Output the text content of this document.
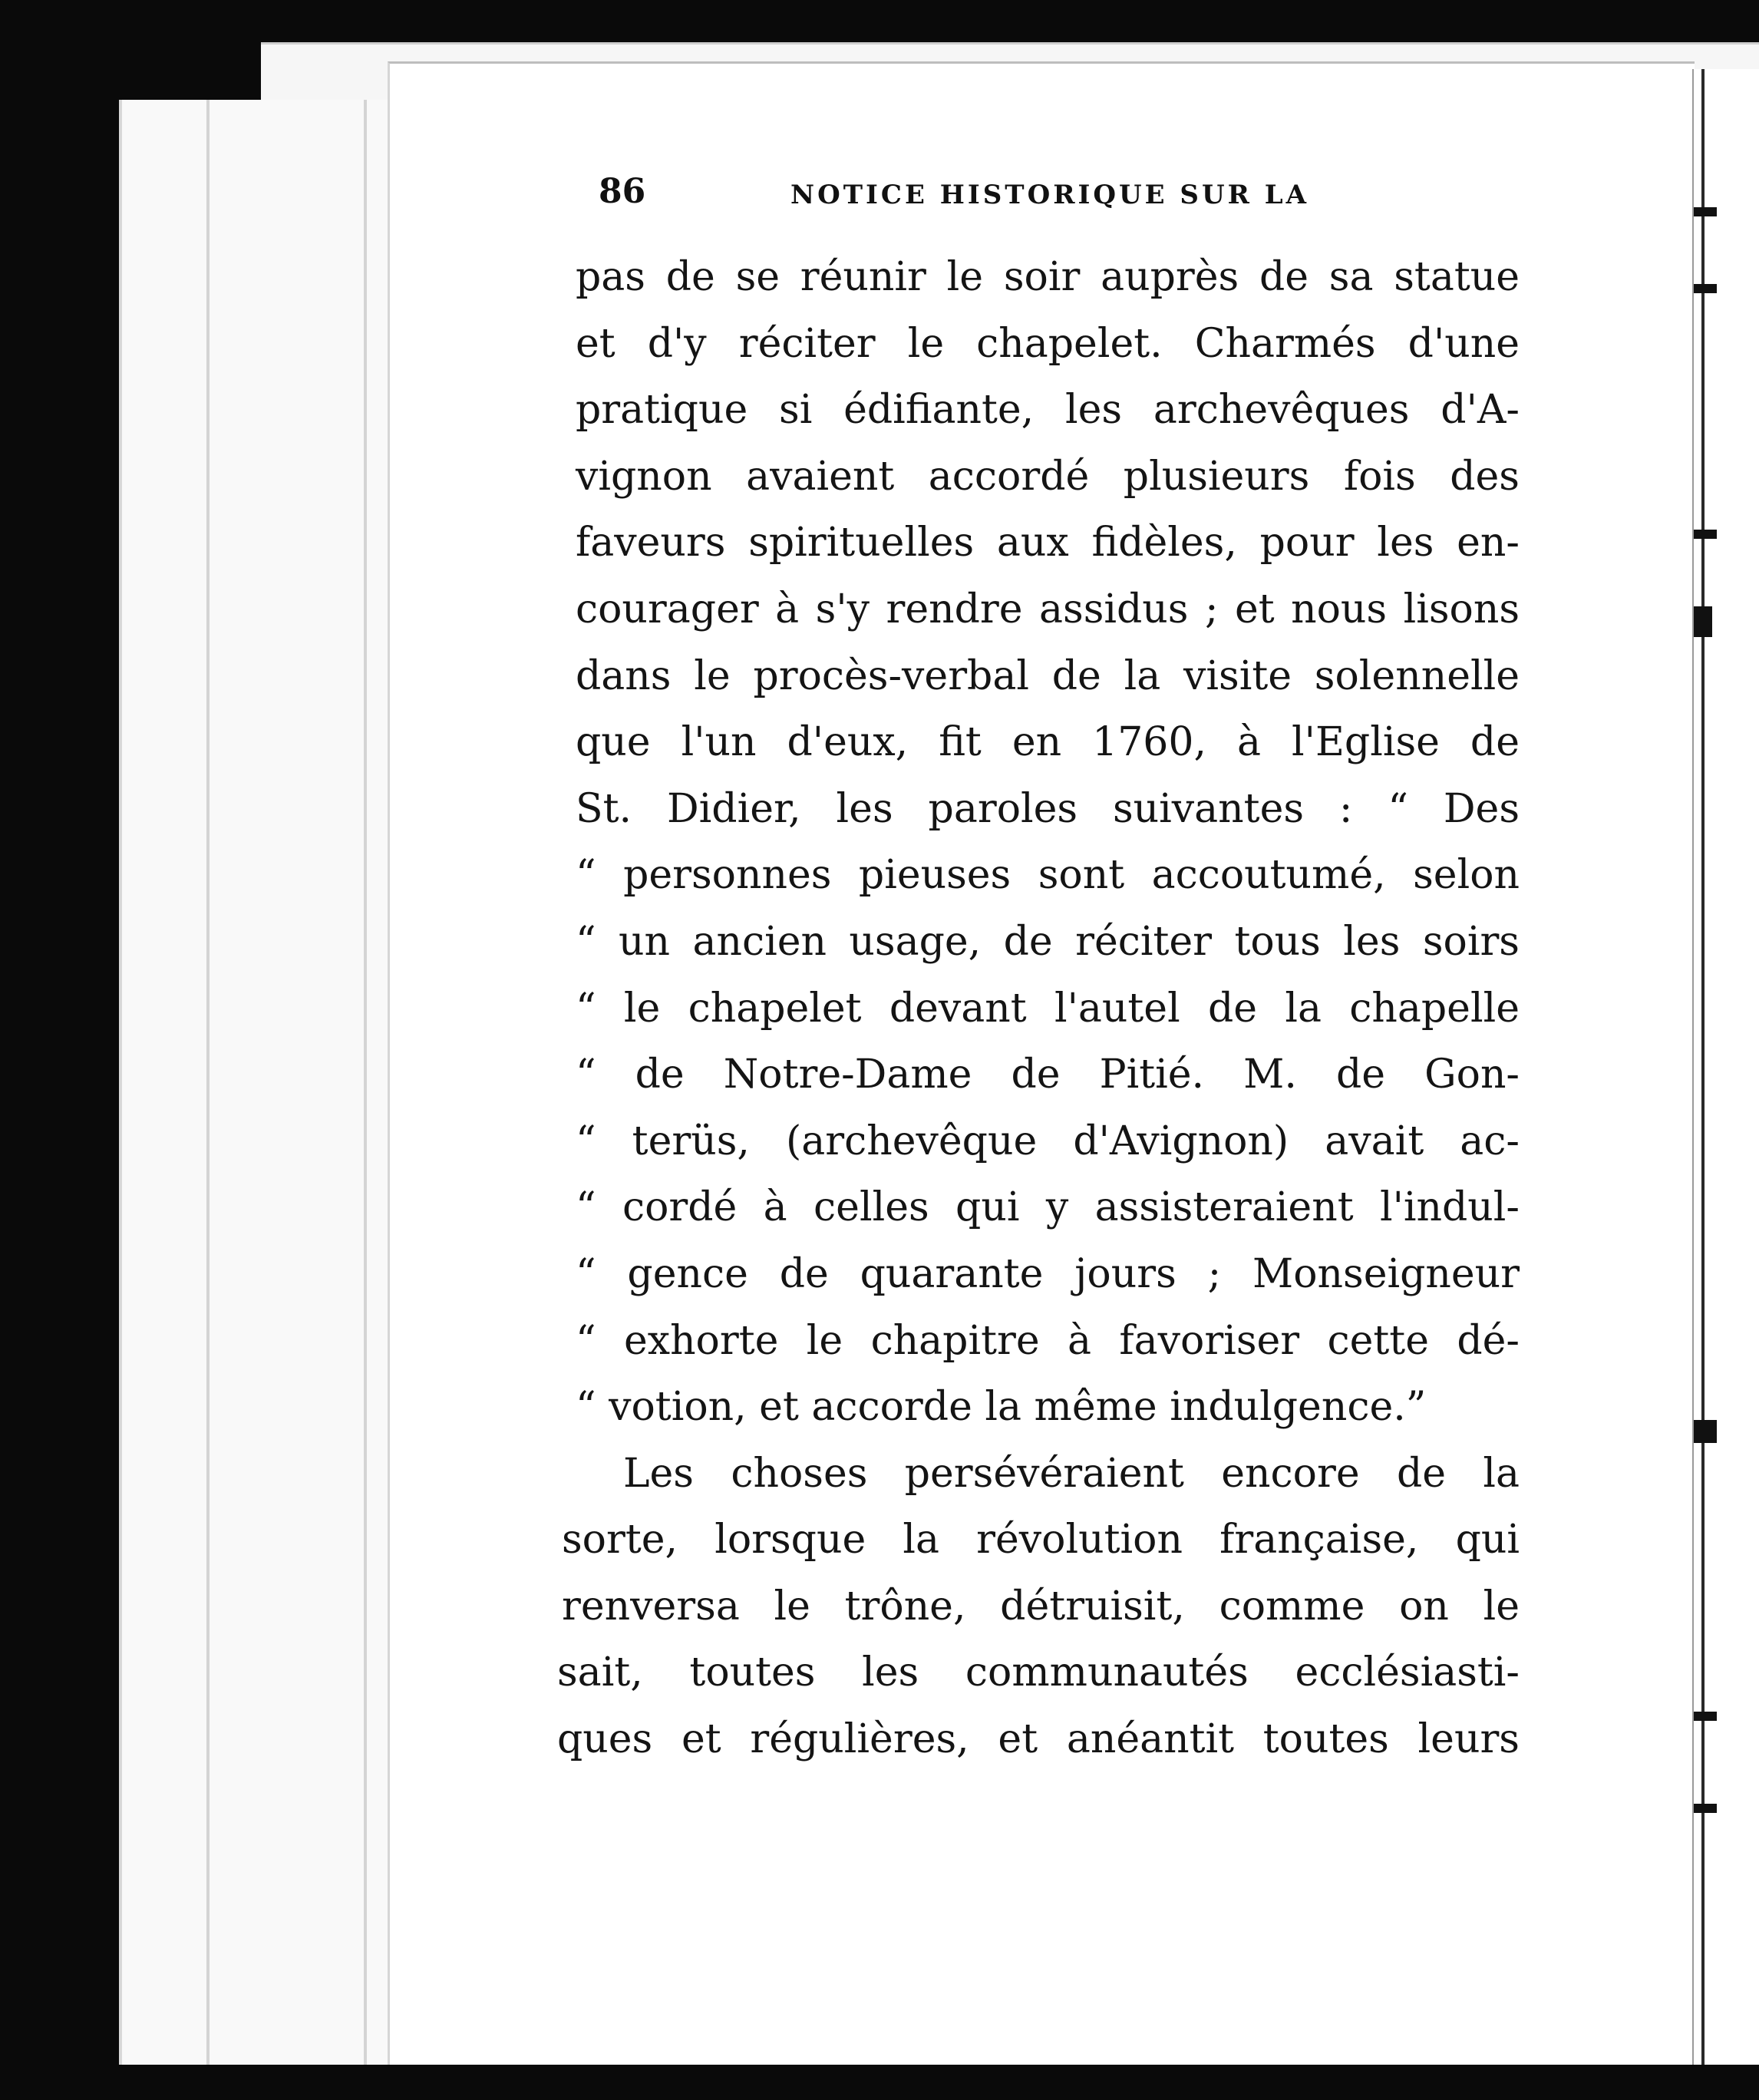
86	NOTICE HISTORIQUE SUR LA
pas de se réunir le soir auprès de sa statue
et d'y réciter le chapelet. Charmés d'une
pratique si édifiante, les archevêques d'A-
vignon avaient accordé plusieurs fois des
faveurs spirituelles aux fidèles, pour les en-
courager à s'y rendre assidus ; et nous lisons
dans le procès-verbal de la visite solennelle
que l'un d'eux, fit en 1760, à l'Eglise de
St. Didier, les paroles suivantes : “ Des
“ personnes pieuses sont accoutumé, selon
“ un ancien usage, de réciter tous les soirs
“ le chapelet devant l'autel de la chapelle
“ de Notre-Dame de Pitié. M. de Gon-
“ terüs, (archevêque d'Avignon) avait ac-
“ cordé à celles qui y assisteraient l'indul-
“ gence de quarante jours ; Monseigneur
“ exhorte le chapitre à favoriser cette dé-
“ votion, et accorde la même indulgence.”
Les choses persévéraient encore de la
sorte, lorsque la révolution française, qui
renversa le trône, détruisit, comme on le
sait, toutes les communautés ecclésiasti-
ques et régulières, et anéantit toutes leurs
